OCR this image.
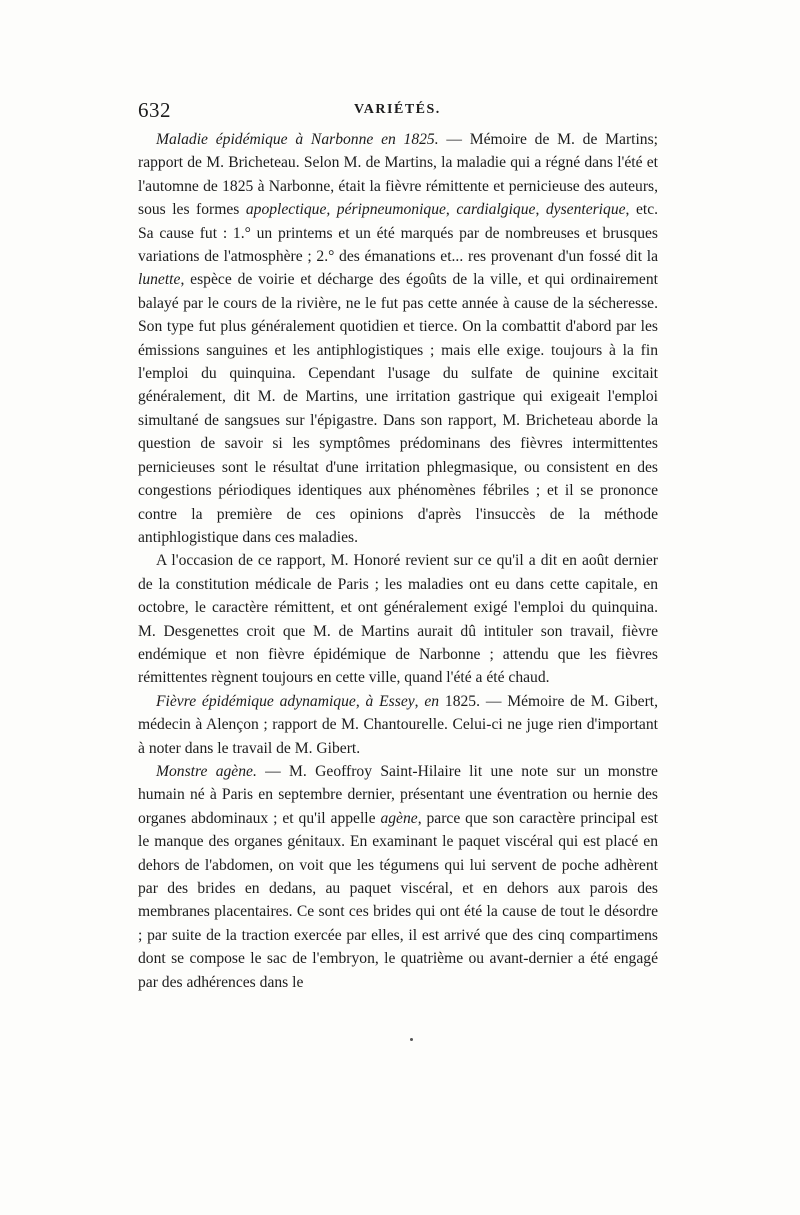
632	VARIÉTÉS.

Maladie épidémique à Narbonne en 1825. — Mémoire de M. de Martins; rapport de M. Bricheteau. Selon M. de Martins, la maladie qui a régné dans l'été et l'automne de 1825 à Narbonne, était la fièvre rémittente et pernicieuse des auteurs, sous les formes apoplectique, péripneumonique, cardialgique, dysenterique, etc. Sa cause fut : 1.° un printems et un été marqués par de nombreuses et brusques variations de l'atmosphère ; 2.° des émanations et... res provenant d'un fossé dit la lunette, espèce de voirie et décharge des égoûts de la ville, et qui ordinairement balayé par le cours de la rivière, ne le fut pas cette année à cause de la sécheresse. Son type fut plus généralement quotidien et tierce. On la combattit d'abord par les émissions sanguines et les antiphlogistiques ; mais elle exige. toujours à la fin l'emploi du quinquina. Cependant l'usage du sulfate de quinine excitait généralement, dit M. de Martins, une irritation gastrique qui exigeait l'emploi simultané de sangsues sur l'épigastre. Dans son rapport, M. Bricheteau aborde la question de savoir si les symptômes prédominans des fièvres intermittentes pernicieuses sont le résultat d'une irritation phlegmasique, ou consistent en des congestions périodiques identiques aux phénomènes fébriles ; et il se prononce contre la première de ces opinions d'après l'insuccès de la méthode antiphlogistique dans ces maladies.

A l'occasion de ce rapport, M. Honoré revient sur ce qu'il a dit en août dernier de la constitution médicale de Paris ; les maladies ont eu dans cette capitale, en octobre, le caractère rémittent, et ont généralement exigé l'emploi du quinquina. M. Desgenettes croit que M. de Martins aurait dû intituler son travail, fièvre endémique et non fièvre épidémique de Narbonne ; attendu que les fièvres rémittentes règnent toujours en cette ville, quand l'été a été chaud.

Fièvre épidémique adynamique, à Essey, en 1825. — Mémoire de M. Gibert, médecin à Alençon ; rapport de M. Chantourelle. Celui-ci ne juge rien d'important à noter dans le travail de M. Gibert.

Monstre agène. — M. Geoffroy Saint-Hilaire lit une note sur un monstre humain né à Paris en septembre dernier, présentant une éventration ou hernie des organes abdominaux ; et qu'il appelle agène, parce que son caractère principal est le manque des organes génitaux. En examinant le paquet viscéral qui est placé en dehors de l'abdomen, on voit que les tégumens qui lui servent de poche adhèrent par des brides en dedans, au paquet viscéral, et en dehors aux parois des membranes placentaires. Ce sont ces brides qui ont été la cause de tout le désordre ; par suite de la traction exercée par elles, il est arrivé que des cinq compartimens dont se compose le sac de l'embryon, le quatrième ou avant-dernier a été engagé par des adhérences dans le
